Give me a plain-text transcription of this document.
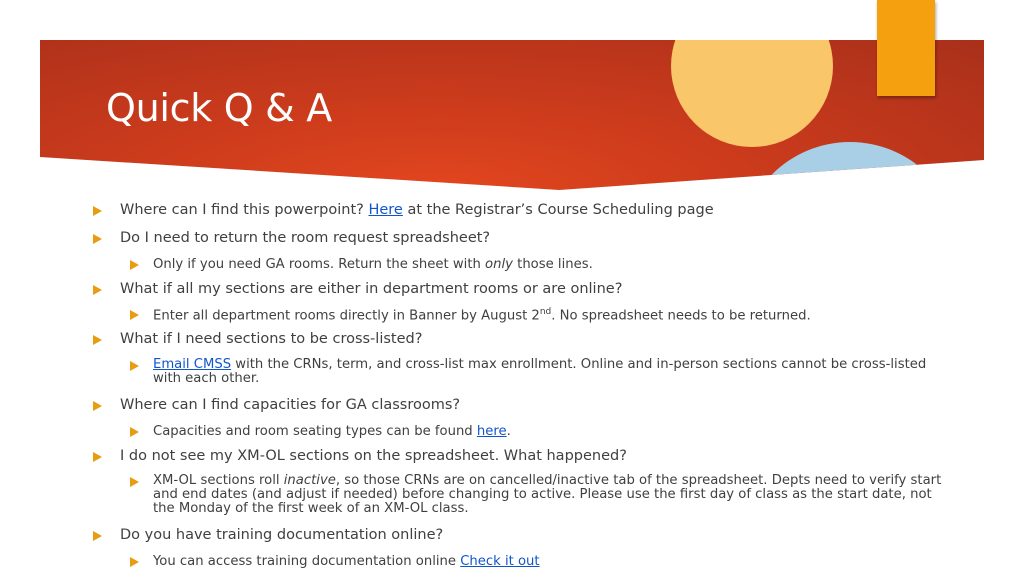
Quick Q & A
Where can I find this powerpoint? Here at the Registrar’s Course Scheduling page
Do I need to return the room request spreadsheet?
Only if you need GA rooms. Return the sheet with only those lines.
What if all my sections are either in department rooms or are online?
Enter all department rooms directly in Banner by August 2nd. No spreadsheet needs to be returned.
What if I need sections to be cross-listed?
Email CMSS with the CRNs, term, and cross-list max enrollment. Online and in-person sections cannot be cross-listed with each other.
Where can I find capacities for GA classrooms?
Capacities and room seating types can be found here.
I do not see my XM-OL sections on the spreadsheet. What happened?
XM-OL sections roll inactive, so those CRNs are on cancelled/inactive tab of the spreadsheet. Depts need to verify start and end dates (and adjust if needed) before changing to active. Please use the first day of class as the start date, not the Monday of the first week of an XM-OL class.
Do you have training documentation online?
You can access training documentation online Check it out
